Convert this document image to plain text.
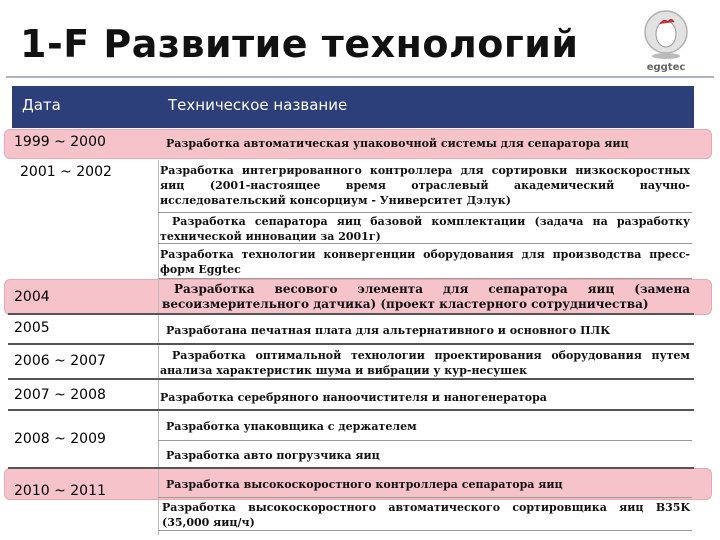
1-F Развитие технологий
eggtec
Дата	Техническое название
1999 ~ 2000
2001 ~ 2002
2004
2005
2006 ~ 2007
2007 ~ 2008
2008 ~ 2009
2010 ~ 2011
Разработка автоматическая упаковочной системы для сепаратора яиц
Разработка интегрированного контроллера для сортировки низкоскоростных яиц (2001-настоящее время отраслевый академический научно-исследовательский консорциум - Университет Дэлук)
Разработка сепаратора яиц базовой комплектации (задача на разработку технической инновации за 2001г)
Разработка технологии конвергенции оборудования для производства пресс-форм Eggtec
Разработка весового элемента для сепаратора яиц (замена весоизмерительного датчика) (проект кластерного сотрудничества)
Разработана печатная плата для альтернативного и основного ПЛК
Разработка оптимальной технологии проектирования оборудования путем анализа характеристик шума и вибрации у кур-несушек
Разработка серебряного наноочистителя и наногенератора
Разработка упаковщика с держателем
Разработка авто погрузчика яиц
Разработка высокоскоростного контроллера сепаратора яиц
Разработка высокоскоростного автоматического сортировщика яиц B35K (35,000 яиц/ч)
